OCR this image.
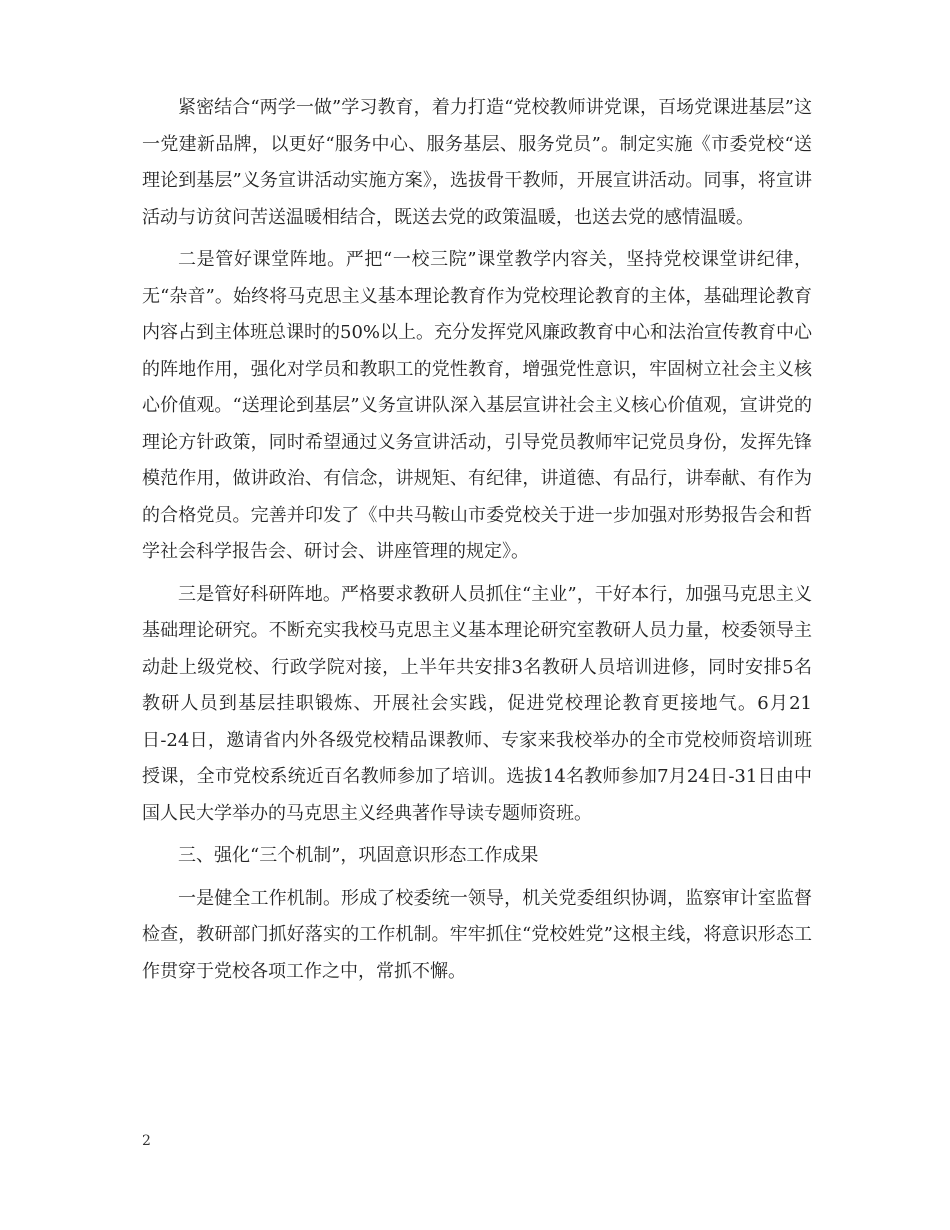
紧密结合“两学一做”学习教育，着力打造“党校教师讲党课，百场党课进基层”这一党建新品牌，以更好“服务中心、服务基层、服务党员”。制定实施《市委党校“送理论到基层”义务宣讲活动实施方案》，选拔骨干教师，开展宣讲活动。同事，将宣讲活动与访贫问苦送温暖相结合，既送去党的政策温暖，也送去党的感情温暖。

二是管好课堂阵地。严把“一校三院”课堂教学内容关，坚持党校课堂讲纪律，无“杂音”。始终将马克思主义基本理论教育作为党校理论教育的主体，基础理论教育内容占到主体班总课时的50%以上。充分发挥党风廉政教育中心和法治宣传教育中心的阵地作用，强化对学员和教职工的党性教育，增强党性意识，牢固树立社会主义核心价值观。“送理论到基层”义务宣讲队深入基层宣讲社会主义核心价值观，宣讲党的理论方针政策，同时希望通过义务宣讲活动，引导党员教师牢记党员身份，发挥先锋模范作用，做讲政治、有信念，讲规矩、有纪律，讲道德、有品行，讲奉献、有作为的合格党员。完善并印发了《中共马鞍山市委党校关于进一步加强对形势报告会和哲学社会科学报告会、研讨会、讲座管理的规定》。

三是管好科研阵地。严格要求教研人员抓住“主业”，干好本行，加强马克思主义基础理论研究。不断充实我校马克思主义基本理论研究室教研人员力量，校委领导主动赴上级党校、行政学院对接，上半年共安排3名教研人员培训进修，同时安排5名教研人员到基层挂职锻炼、开展社会实践，促进党校理论教育更接地气。6月21日-24日，邀请省内外各级党校精品课教师、专家来我校举办的全市党校师资培训班授课，全市党校系统近百名教师参加了培训。选拔14名教师参加7月24日-31日由中国人民大学举办的马克思主义经典著作导读专题师资班。

三、强化“三个机制”，巩固意识形态工作成果

一是健全工作机制。形成了校委统一领导，机关党委组织协调，监察审计室监督检查，教研部门抓好落实的工作机制。牢牢抓住“党校姓党”这根主线，将意识形态工作贯穿于党校各项工作之中，常抓不懈。

2
